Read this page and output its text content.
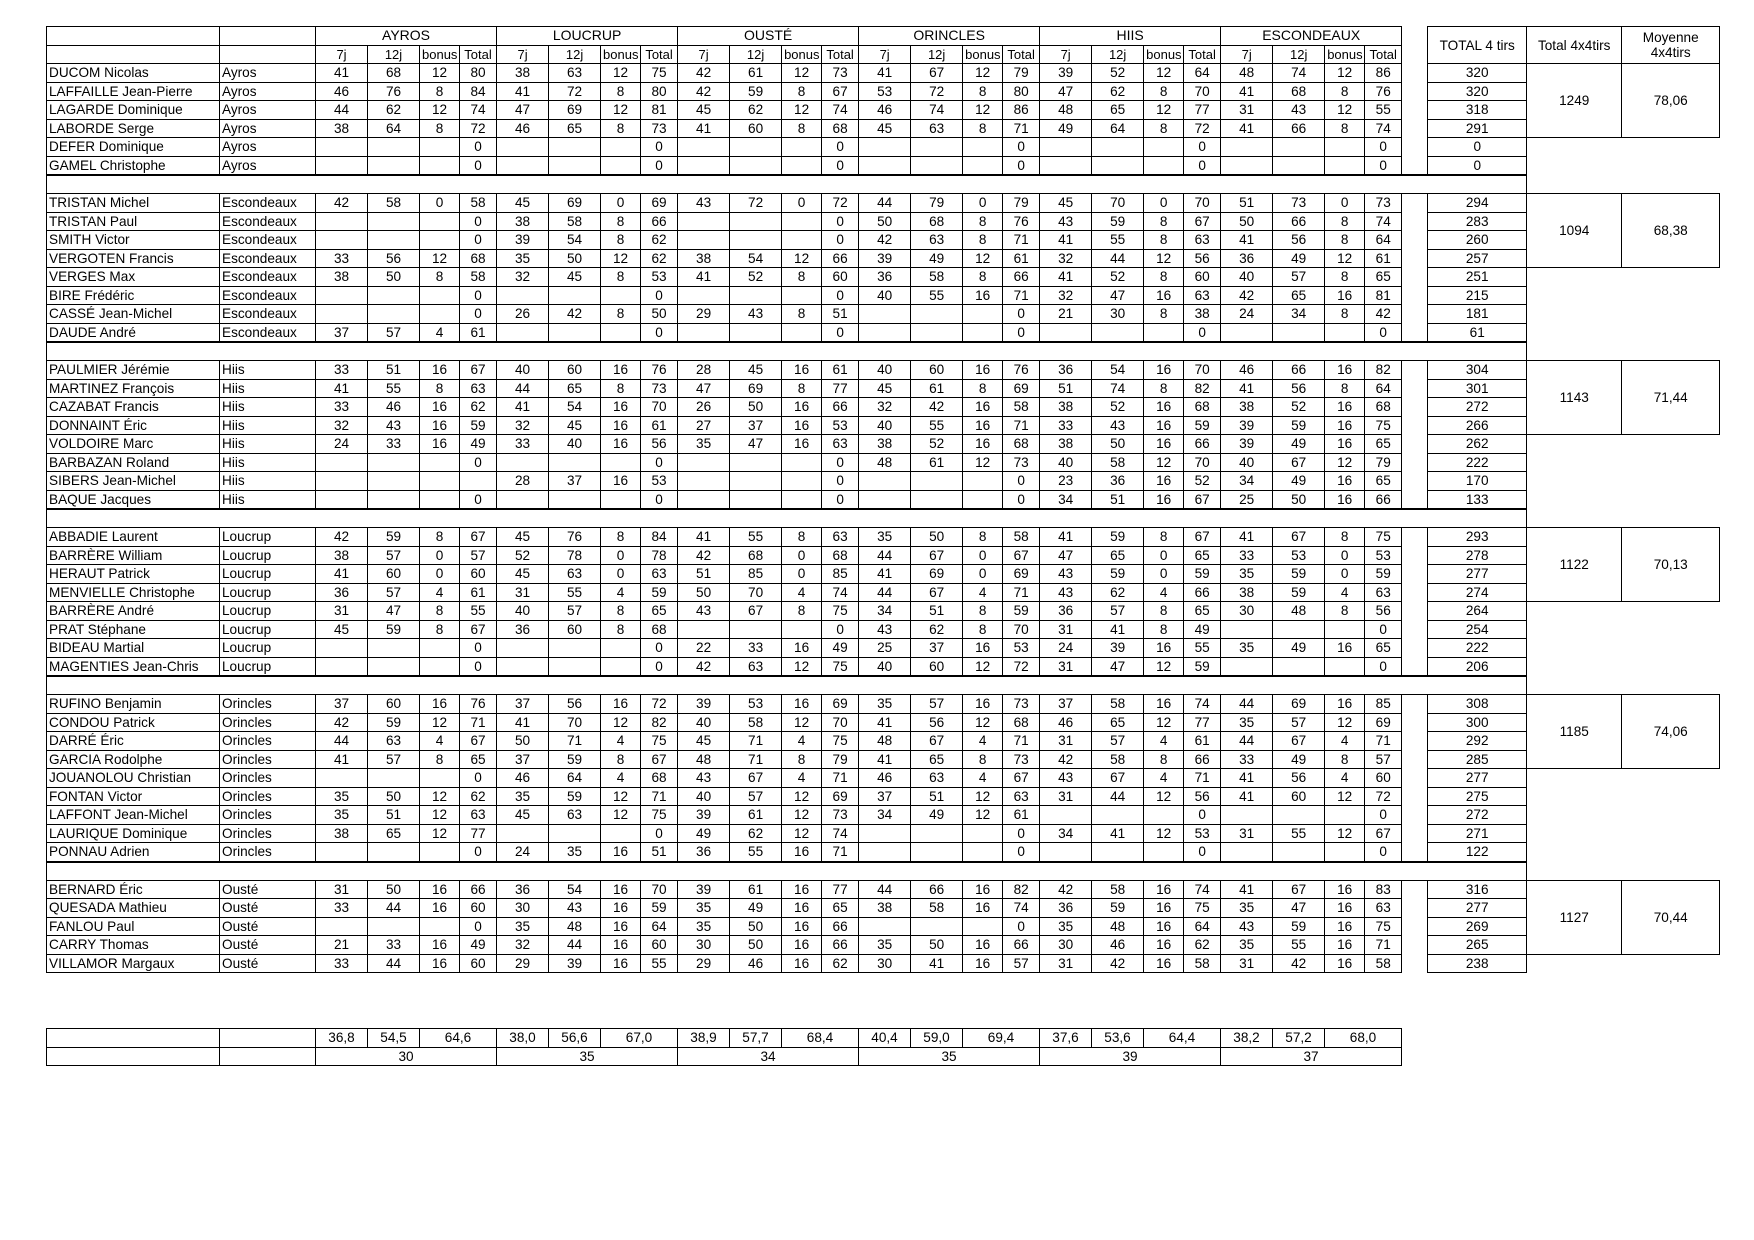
		AYROS				LOUCRUP				OUSTÉ				ORINCLES				HIIS				ESCONDEAUX					TOTAL 4 tirs	Total 4x4tirs	Moyenne 4x4tirs
		7j	12j	bonus	Total	7j	12j	bonus	Total	7j	12j	bonus	Total	7j	12j	bonus	Total	7j	12j	bonus	Total	7j	12j	bonus	Total				
DUCOM Nicolas	Ayros	41	68	12	80	38	63	12	75	42	61	12	73	41	67	12	79	39	52	12	64	48	74	12	86		320	1249	78,06
LAFFAILLE Jean-Pierre	Ayros	46	76	8	84	41	72	8	80	42	59	8	67	53	72	8	80	47	62	8	70	41	68	8	76		320		
LAGARDE Dominique	Ayros	44	62	12	74	47	69	12	81	45	62	12	74	46	74	12	86	48	65	12	77	31	43	12	55		318		
LABORDE Serge	Ayros	38	64	8	72	46	65	8	73	41	60	8	68	45	63	8	71	49	64	8	72	41	66	8	74		291		
DEFER Dominique	Ayros				0				0				0				0				0				0		0		
GAMEL Christophe	Ayros				0				0				0				0				0				0		0		

TRISTAN Michel	Escondeaux	42	58	0	58	45	69	0	69	43	72	0	72	44	79	0	79	45	70	0	70	51	73	0	73		294	1094	68,38
TRISTAN Paul	Escondeaux				0	38	58	8	66				0	50	68	8	76	43	59	8	67	50	66	8	74		283		
SMITH Victor	Escondeaux				0	39	54	8	62				0	42	63	8	71	41	55	8	63	41	56	8	64		260		
VERGOTEN Francis	Escondeaux	33	56	12	68	35	50	12	62	38	54	12	66	39	49	12	61	32	44	12	56	36	49	12	61		257		
VERGES Max	Escondeaux	38	50	8	58	32	45	8	53	41	52	8	60	36	58	8	66	41	52	8	60	40	57	8	65		251		
BIRE Frédéric	Escondeaux				0				0				0	40	55	16	71	32	47	16	63	42	65	16	81		215		
CASSÉ Jean-Michel	Escondeaux				0	26	42	8	50	29	43	8	51				0	21	30	8	38	24	34	8	42		181		
DAUDE André	Escondeaux	37	57	4	61				0				0				0				0				0		61		

PAULMIER Jérémie	Hiis	33	51	16	67	40	60	16	76	28	45	16	61	40	60	16	76	36	54	16	70	46	66	16	82		304	1143	71,44
MARTINEZ François	Hiis	41	55	8	63	44	65	8	73	47	69	8	77	45	61	8	69	51	74	8	82	41	56	8	64		301		
CAZABAT Francis	Hiis	33	46	16	62	41	54	16	70	26	50	16	66	32	42	16	58	38	52	16	68	38	52	16	68		272		
DONNAINT Éric	Hiis	32	43	16	59	32	45	16	61	27	37	16	53	40	55	16	71	33	43	16	59	39	59	16	75		266		
VOLDOIRE Marc	Hiis	24	33	16	49	33	40	16	56	35	47	16	63	38	52	16	68	38	50	16	66	39	49	16	65		262		
BARBAZAN Roland	Hiis				0				0				0	48	61	12	73	40	58	12	70	40	67	12	79		222		
SIBERS Jean-Michel	Hiis					28	37	16	53				0				0	23	36	16	52	34	49	16	65		170		
BAQUE Jacques	Hiis				0				0				0				0	34	51	16	67	25	50	16	66		133		

ABBADIE Laurent	Loucrup	42	59	8	67	45	76	8	84	41	55	8	63	35	50	8	58	41	59	8	67	41	67	8	75		293	1122	70,13
BARRÈRE William	Loucrup	38	57	0	57	52	78	0	78	42	68	0	68	44	67	0	67	47	65	0	65	33	53	0	53		278		
HERAUT Patrick	Loucrup	41	60	0	60	45	63	0	63	51	85	0	85	41	69	0	69	43	59	0	59	35	59	0	59		277		
MENVIELLE Christophe	Loucrup	36	57	4	61	31	55	4	59	50	70	4	74	44	67	4	71	43	62	4	66	38	59	4	63		274		
BARRÈRE André	Loucrup	31	47	8	55	40	57	8	65	43	67	8	75	34	51	8	59	36	57	8	65	30	48	8	56		264		
PRAT Stéphane	Loucrup	45	59	8	67	36	60	8	68				0	43	62	8	70	31	41	8	49				0		254		
BIDEAU Martial	Loucrup				0				0	22	33	16	49	25	37	16	53	24	39	16	55	35	49	16	65		222		
MAGENTIES Jean-Chris	Loucrup				0				0	42	63	12	75	40	60	12	72	31	47	12	59				0		206		

RUFINO Benjamin	Orincles	37	60	16	76	37	56	16	72	39	53	16	69	35	57	16	73	37	58	16	74	44	69	16	85		308	1185	74,06
CONDOU Patrick	Orincles	42	59	12	71	41	70	12	82	40	58	12	70	41	56	12	68	46	65	12	77	35	57	12	69		300		
DARRÉ Éric	Orincles	44	63	4	67	50	71	4	75	45	71	4	75	48	67	4	71	31	57	4	61	44	67	4	71		292		
GARCIA Rodolphe	Orincles	41	57	8	65	37	59	8	67	48	71	8	79	41	65	8	73	42	58	8	66	33	49	8	57		285		
JOUANOLOU Christian	Orincles				0	46	64	4	68	43	67	4	71	46	63	4	67	43	67	4	71	41	56	4	60		277		
FONTAN Victor	Orincles	35	50	12	62	35	59	12	71	40	57	12	69	37	51	12	63	31	44	12	56	41	60	12	72		275		
LAFFONT Jean-Michel	Orincles	35	51	12	63	45	63	12	75	39	61	12	73	34	49	12	61				0				0		272		
LAURIQUE Dominique	Orincles	38	65	12	77				0	49	62	12	74				0	34	41	12	53	31	55	12	67		271		
PONNAU Adrien	Orincles				0	24	35	16	51	36	55	16	71				0				0				0		122		

BERNARD Éric	Ousté	31	50	16	66	36	54	16	70	39	61	16	77	44	66	16	82	42	58	16	74	41	67	16	83		316	1127	70,44
QUESADA Mathieu	Ousté	33	44	16	60	30	43	16	59	35	49	16	65	38	58	16	74	36	59	16	75	35	47	16	63		277		
FANLOU Paul	Ousté				0	35	48	16	64	35	50	16	66				0	35	48	16	64	43	59	16	75		269		
CARRY Thomas	Ousté	21	33	16	49	32	44	16	60	30	50	16	66	35	50	16	66	30	46	16	62	35	55	16	71		265		
VILLAMOR Margaux	Ousté	33	44	16	60	29	39	16	55	29	46	16	62	30	41	16	57	31	42	16	58	31	42	16	58		238		
		36,8	54,5	64,6	38,0	56,6	67,0	38,9	57,7	68,4	40,4	59,0	69,4	37,6	53,6	64,4	38,2	57,2	68,0
		30			35			34			35			39			37		
